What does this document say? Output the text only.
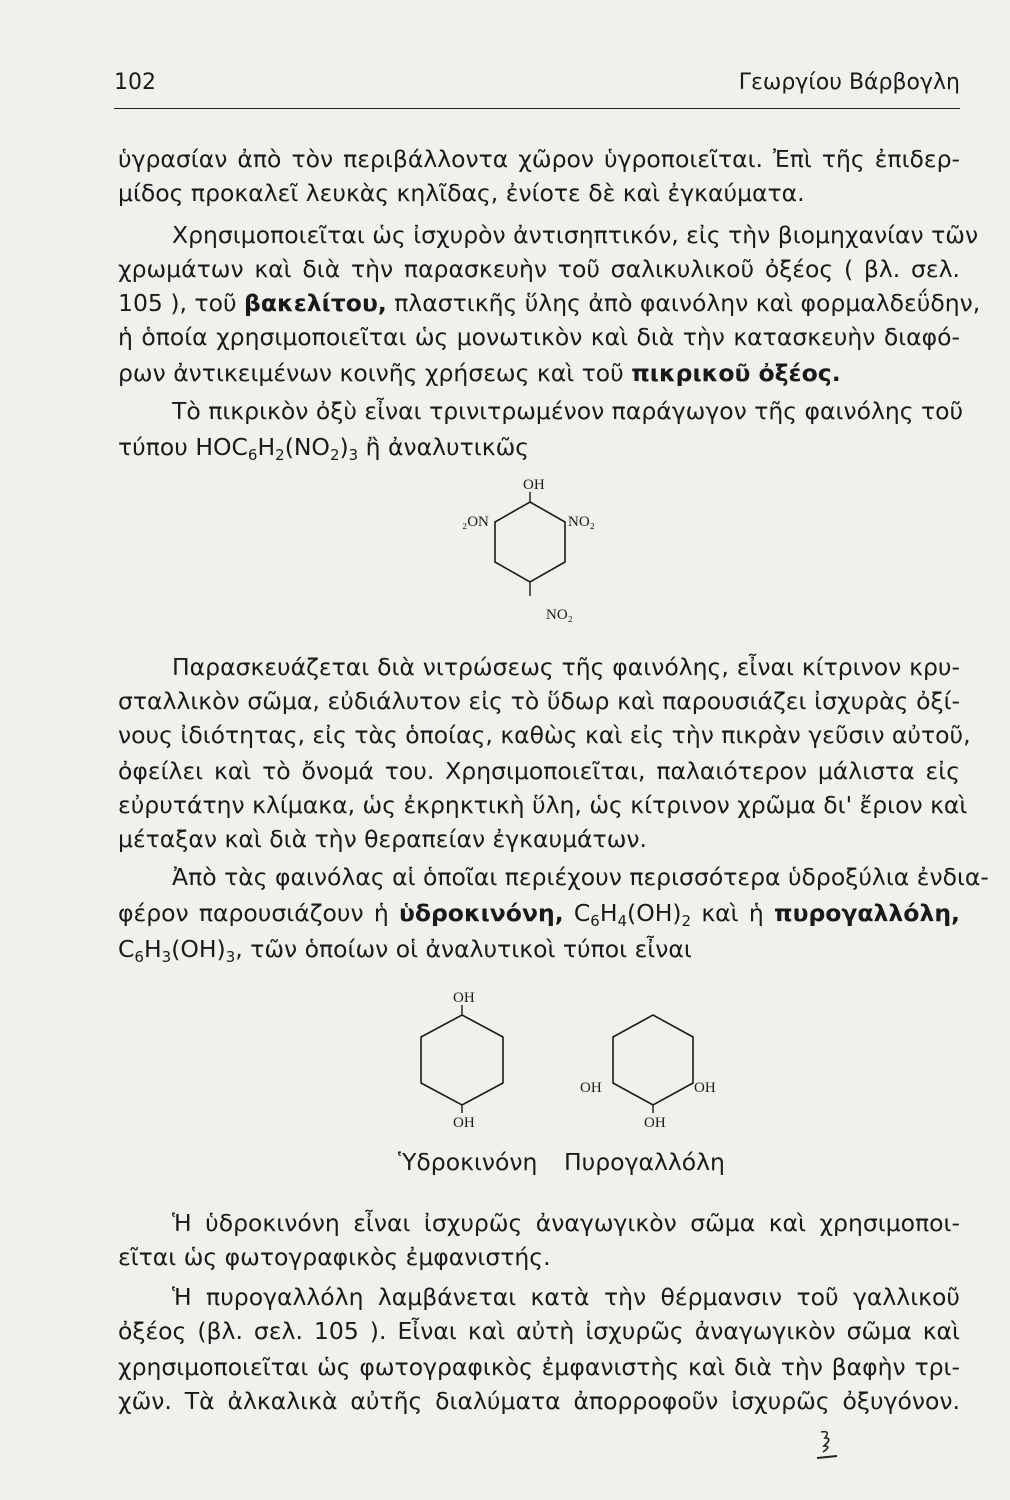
102	Γεωργίου Βάρβογλη
ὑγρασίαν ἀπὸ τὸν περιβάλλοντα χῶρον ὑγροποιεῖται. Ἐπὶ τῆς ἐπιδερ-
μίδος προκαλεῖ λευκὰς κηλῖδας, ἐνίοτε δὲ καὶ ἐγκαύματα.
Χρησιμοποιεῖται ὡς ἰσχυρὸν ἀντισηπτικόν, εἰς τὴν βιομηχανίαν τῶν
χρωμάτων καὶ διὰ τὴν παρασκευὴν τοῦ σαλικυλικοῦ ὀξέος ( βλ. σελ.
105 ), τοῦ βακελίτου, πλαστικῆς ὕλης ἀπὸ φαινόλην καὶ φορμαλδεΰδην,
ἡ ὁποία χρησιμοποιεῖται ὡς μονωτικὸν καὶ διὰ τὴν κατασκευὴν διαφό-
ρων ἀντικειμένων κοινῆς χρήσεως καὶ τοῦ πικρικοῦ ὀξέος.
Τὸ πικρικὸν ὀξὺ εἶναι τρινιτρωμένον παράγωγον τῆς φαινόλης τοῦ
τύπου $HOC_6H_2(NO_2)_3$ ἢ ἀναλυτικῶς
OH
₂ON	NO₂
NO₂
Παρασκευάζεται διὰ νιτρώσεως τῆς φαινόλης, εἶναι κίτρινον κρυ-
σταλλικὸν σῶμα, εὐδιάλυτον εἰς τὸ ὕδωρ καὶ παρουσιάζει ἰσχυρὰς ὀξί-
νους ἰδιότητας, εἰς τὰς ὁποίας, καθὼς καὶ εἰς τὴν πικρὰν γεῦσιν αὐτοῦ,
ὀφείλει καὶ τὸ ὄνομά του. Χρησιμοποιεῖται, παλαιότερον μάλιστα εἰς
εὐρυτάτην κλίμακα, ὡς ἐκρηκτικὴ ὕλη, ὡς κίτρινον χρῶμα δι' ἔριον καὶ
μέταξαν καὶ διὰ τὴν θεραπείαν ἐγκαυμάτων.
Ἀπὸ τὰς φαινόλας αἱ ὁποῖαι περιέχουν περισσότερα ὑδροξύλια ἐνδια-
φέρον παρουσιάζουν ἡ ὑδροκινόνη, $C_6H_4(OH)_2$ καὶ ἡ πυρογαλλόλη,
$C_6H_3(OH)_3$, τῶν ὁποίων οἱ ἀναλυτικοὶ τύποι εἶναι
OH
OH
OH	OH
OH
Ὑδροκινόνη Πυρογαλλόλη
Ἡ ὑδροκινόνη εἶναι ἰσχυρῶς ἀναγωγικὸν σῶμα καὶ χρησιμοποι-
εῖται ὡς φωτογραφικὸς ἐμφανιστής.
Ἡ πυρογαλλόλη λαμβάνεται κατὰ τὴν θέρμανσιν τοῦ γαλλικοῦ
ὀξέος (βλ. σελ. 105 ). Εἶναι καὶ αὐτὴ ἰσχυρῶς ἀναγωγικὸν σῶμα καὶ
χρησιμοποιεῖται ὡς φωτογραφικὸς ἐμφανιστὴς καὶ διὰ τὴν βαφὴν τρι-
χῶν. Τὰ ἀλκαλικὰ αὐτῆς διαλύματα ἀπορροφοῦν ἰσχυρῶς ὀξυγόνον.
